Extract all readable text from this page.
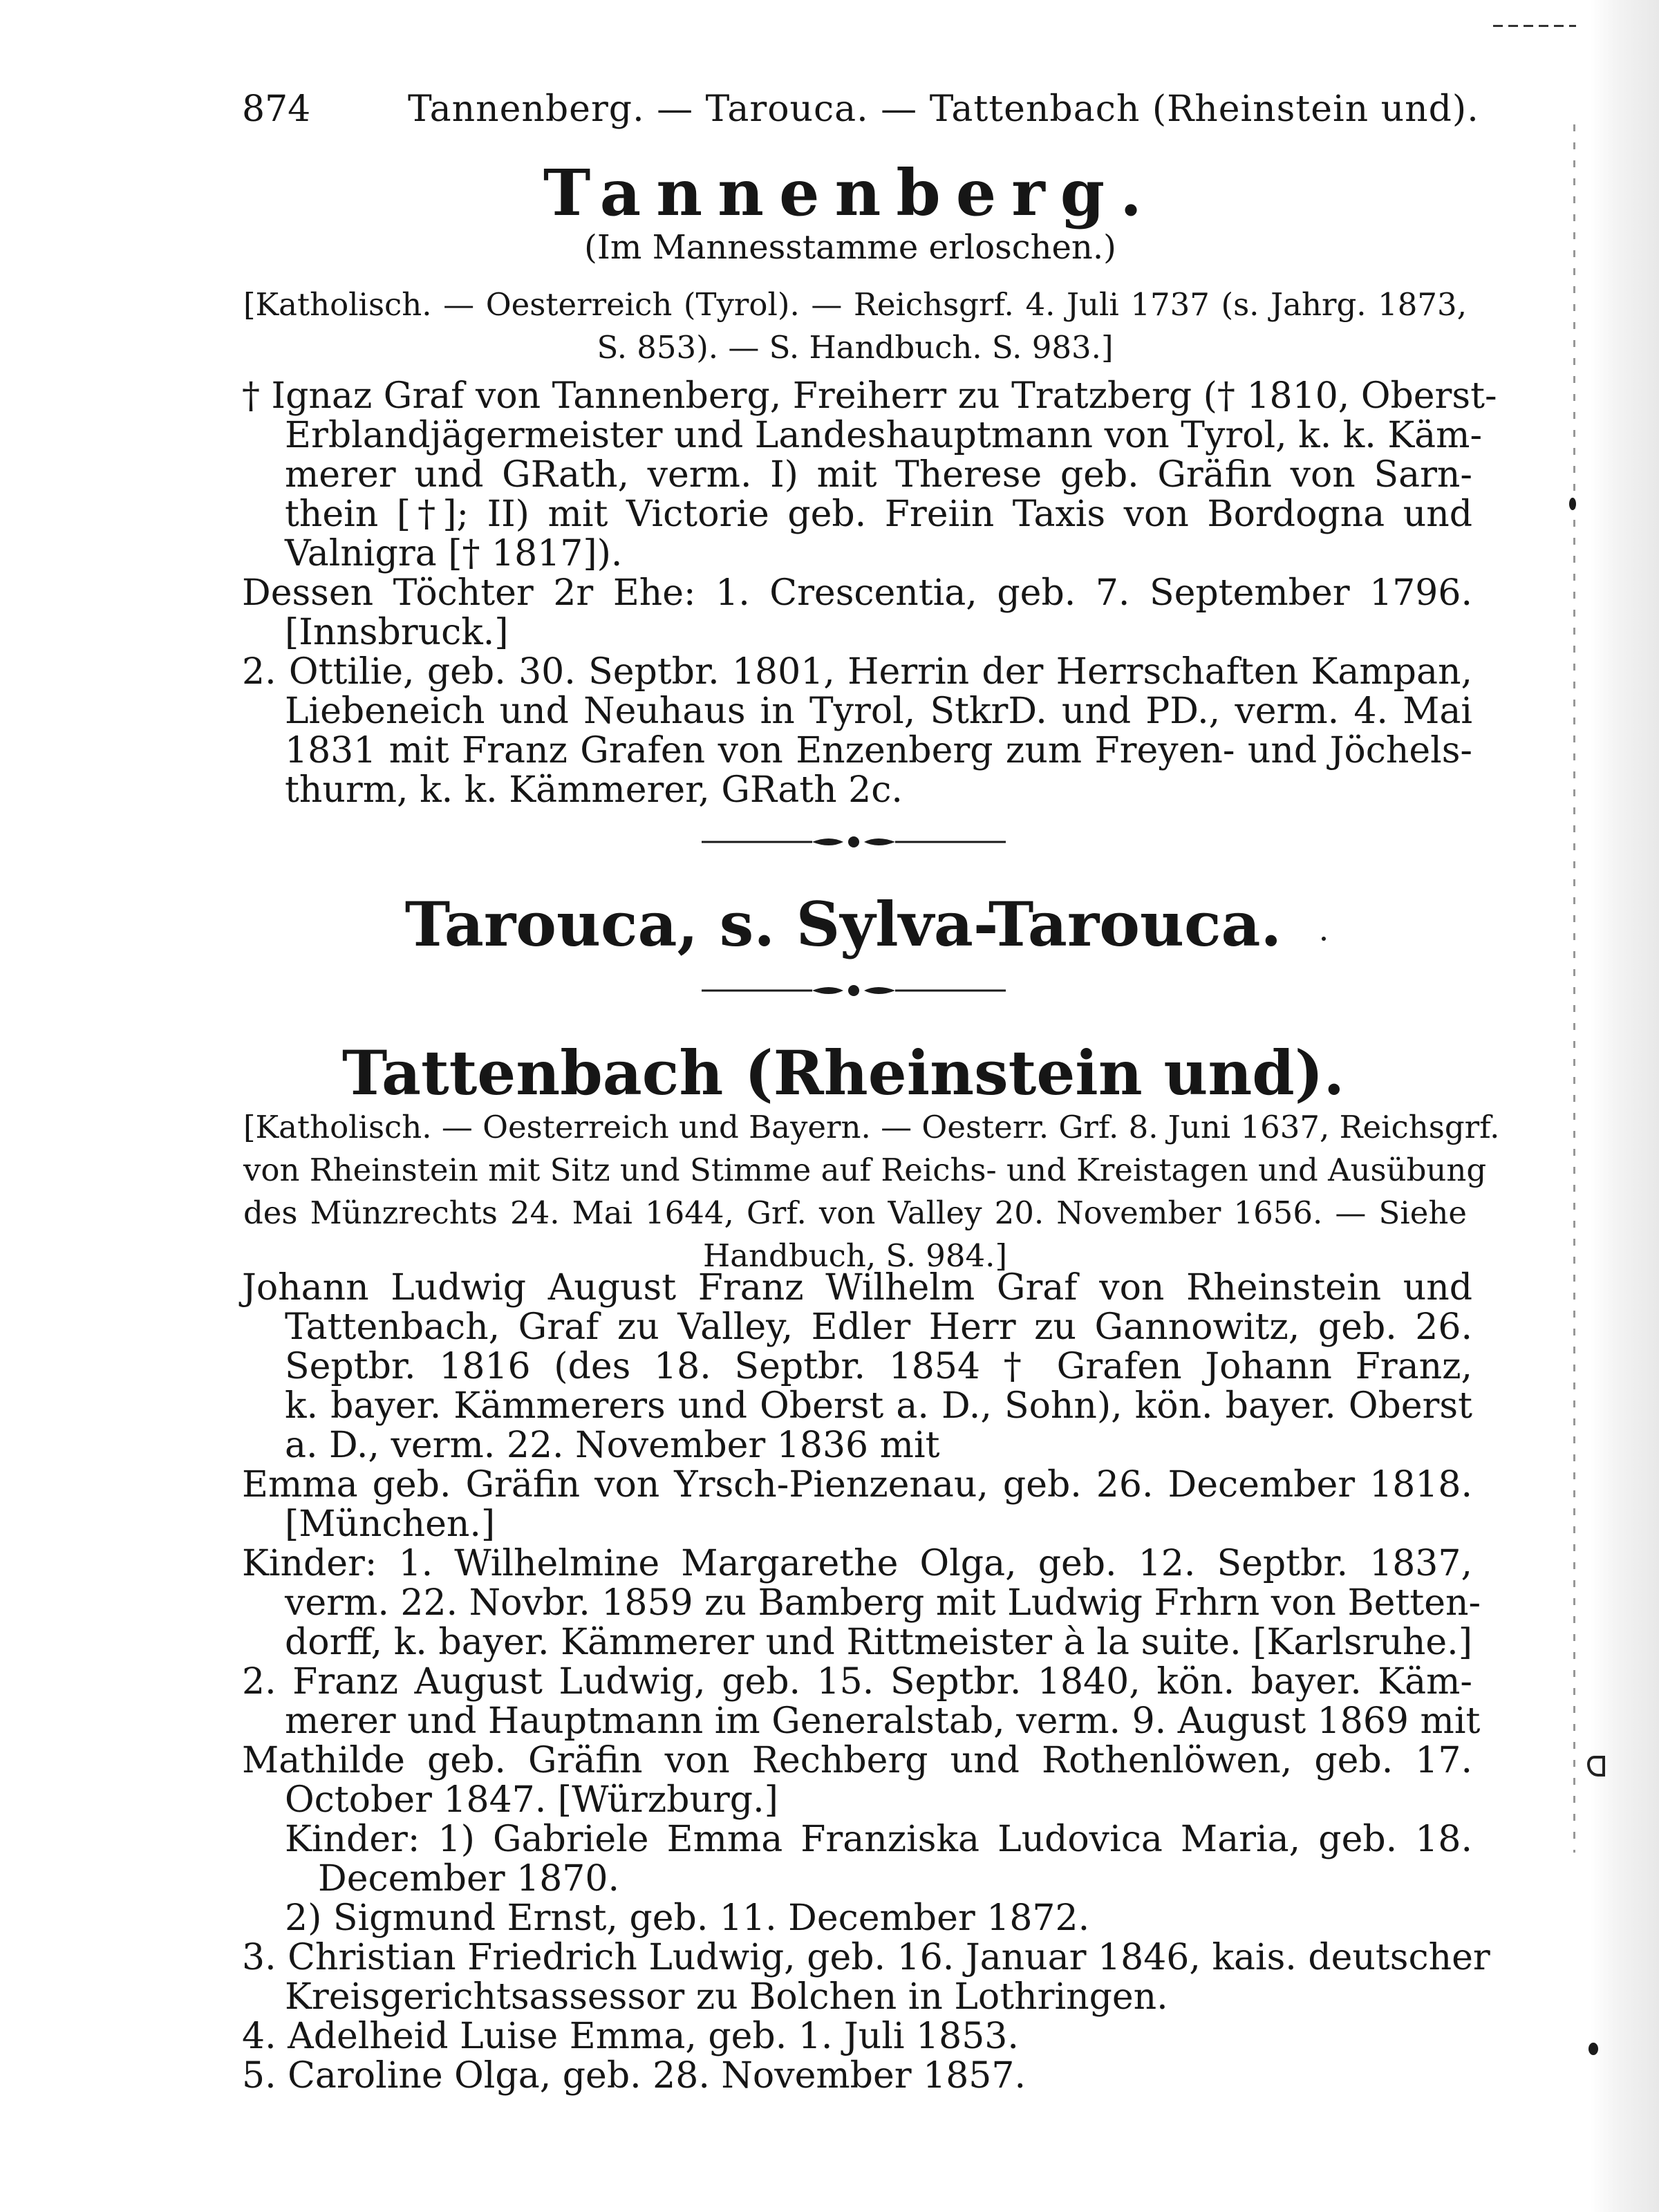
874	Tannenberg. — Tarouca. — Tattenbach (Rheinstein und).
Tannenberg.
(Im Mannesstamme erloschen.)
[Katholisch. — Oesterreich (Tyrol). — Reichsgrf. 4. Juli 1737 (s. Jahrg. 1873,
S. 853). — S. Handbuch. S. 983.]
† Ignaz Graf von Tannenberg, Freiherr zu Tratzberg († 1810, Oberst-
Erblandjägermeister und Landeshauptmann von Tyrol, k. k. Käm-
merer und GRath, verm. I) mit Therese geb. Gräfin von Sarn-
thein [†]; II) mit Victorie geb. Freiin Taxis von Bordogna und
Valnigra [† 1817]).
Dessen Töchter 2r Ehe: 1. Crescentia, geb. 7. September 1796.
[Innsbruck.]
2. Ottilie, geb. 30. Septbr. 1801, Herrin der Herrschaften Kampan,
Liebeneich und Neuhaus in Tyrol, StkrD. und PD., verm. 4. Mai
1831 mit Franz Grafen von Enzenberg zum Freyen- und Jöchels-
thurm, k. k. Kämmerer, GRath 2c.
Tarouca, s. Sylva-Tarouca.
Tattenbach (Rheinstein und).
[Katholisch. — Oesterreich und Bayern. — Oesterr. Grf. 8. Juni 1637, Reichsgrf.
von Rheinstein mit Sitz und Stimme auf Reichs- und Kreistagen und Ausübung
des Münzrechts 24. Mai 1644, Grf. von Valley 20. November 1656. — Siehe
Handbuch, S. 984.]
Johann Ludwig August Franz Wilhelm Graf von Rheinstein und
Tattenbach, Graf zu Valley, Edler Herr zu Gannowitz, geb. 26.
Septbr. 1816 (des 18. Septbr. 1854 † Grafen Johann Franz,
k. bayer. Kämmerers und Oberst a. D., Sohn), kön. bayer. Oberst
a. D., verm. 22. November 1836 mit
Emma geb. Gräfin von Yrsch-Pienzenau, geb. 26. December 1818.
[München.]
Kinder: 1. Wilhelmine Margarethe Olga, geb. 12. Septbr. 1837,
verm. 22. Novbr. 1859 zu Bamberg mit Ludwig Frhrn von Betten-
dorff, k. bayer. Kämmerer und Rittmeister à la suite. [Karlsruhe.]
2. Franz August Ludwig, geb. 15. Septbr. 1840, kön. bayer. Käm-
merer und Hauptmann im Generalstab, verm. 9. August 1869 mit
Mathilde geb. Gräfin von Rechberg und Rothenlöwen, geb. 17.
October 1847. [Würzburg.]
Kinder: 1) Gabriele Emma Franziska Ludovica Maria, geb. 18.
December 1870.
2) Sigmund Ernst, geb. 11. December 1872.
3. Christian Friedrich Ludwig, geb. 16. Januar 1846, kais. deutscher
Kreisgerichtsassessor zu Bolchen in Lothringen.
4. Adelheid Luise Emma, geb. 1. Juli 1853.
5. Caroline Olga, geb. 28. November 1857.
